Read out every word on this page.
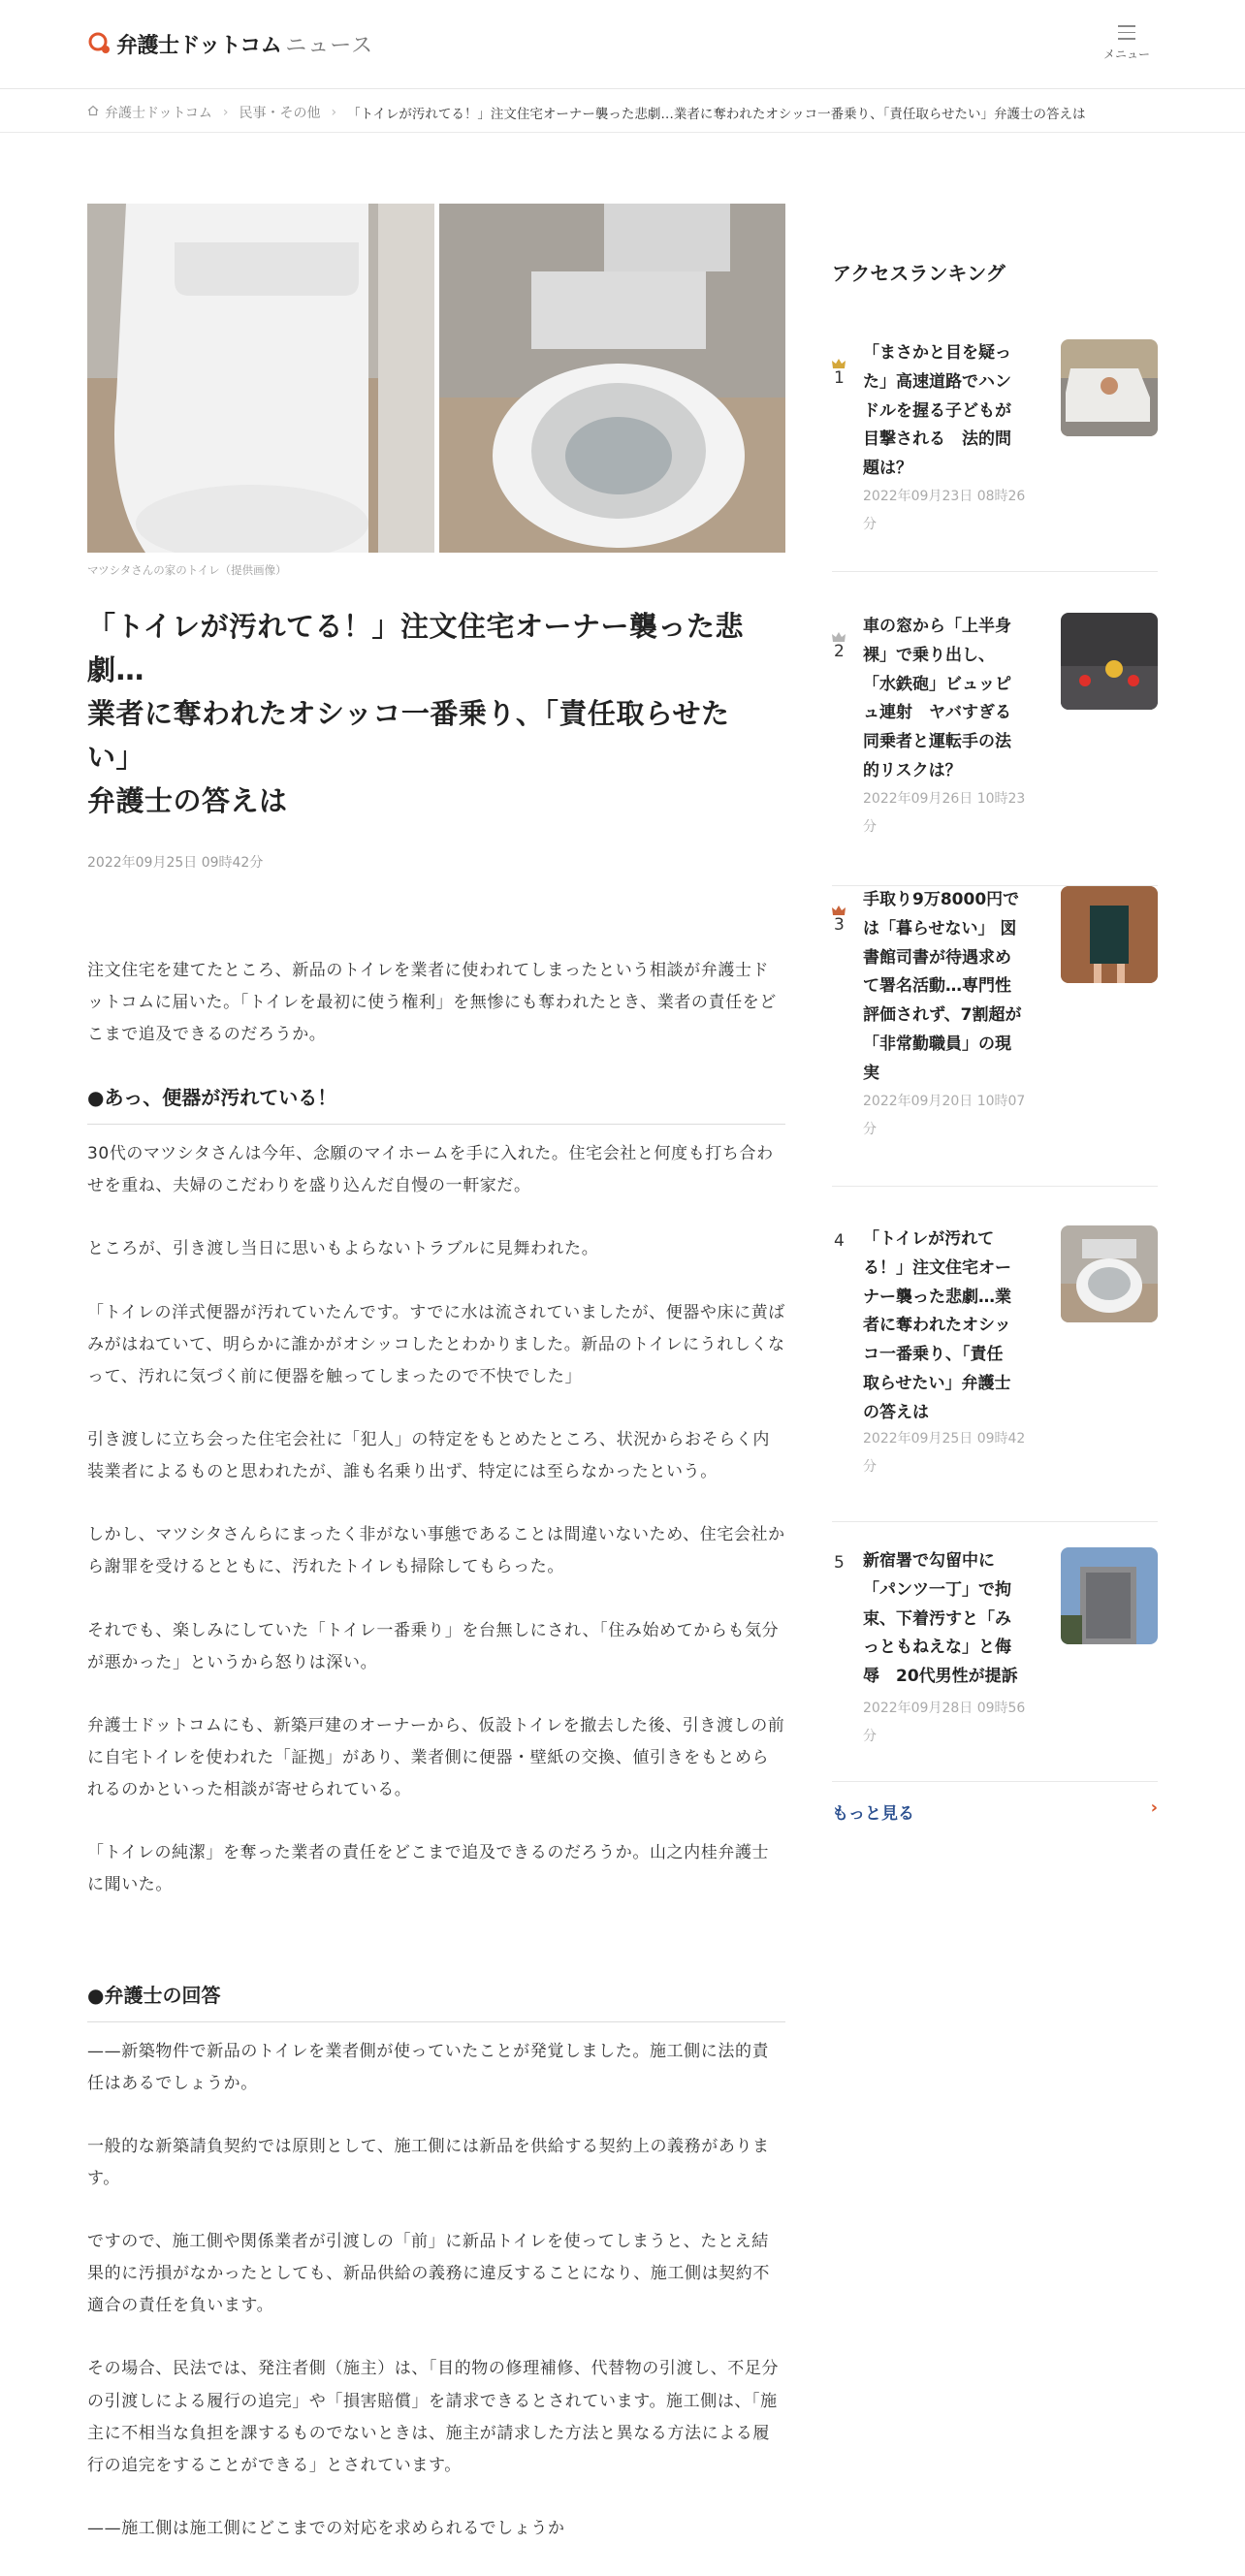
弁護士ドットコム ニュース	メニュー
弁護士ドットコム › 民事・その他 › 「トイレが汚れてる！」注文住宅オーナー襲った悲劇…業者に奪われたオシッコ一番乗り、「責任取らせたい」弁護士の答えは
マツシタさんの家のトイレ（提供画像）
「トイレが汚れてる！」注文住宅オーナー襲った悲劇…
業者に奪われたオシッコ一番乗り、「責任取らせたい」
弁護士の答えは
2022年09月25日 09時42分

注文住宅を建てたところ、新品のトイレを業者に使われてしまったという相談が弁護士ドットコムに届いた。「トイレを最初に使う権利」を無惨にも奪われたとき、業者の責任をどこまで追及できるのだろうか。

●あっ、便器が汚れている！

30代のマツシタさんは今年、念願のマイホームを手に入れた。住宅会社と何度も打ち合わせを重ね、夫婦のこだわりを盛り込んだ自慢の一軒家だ。

ところが、引き渡し当日に思いもよらないトラブルに見舞われた。

「トイレの洋式便器が汚れていたんです。すでに水は流されていましたが、便器や床に黄ばみがはねていて、明らかに誰かがオシッコしたとわかりました。新品のトイレにうれしくなって、汚れに気づく前に便器を触ってしまったので不快でした」

引き渡しに立ち会った住宅会社に「犯人」の特定をもとめたところ、状況からおそらく内装業者によるものと思われたが、誰も名乗り出ず、特定には至らなかったという。

しかし、マツシタさんらにまったく非がない事態であることは間違いないため、住宅会社から謝罪を受けるとともに、汚れたトイレも掃除してもらった。

それでも、楽しみにしていた「トイレ一番乗り」を台無しにされ、「住み始めてからも気分が悪かった」というから怒りは深い。

弁護士ドットコムにも、新築戸建のオーナーから、仮設トイレを撤去した後、引き渡しの前に自宅トイレを使われた「証拠」があり、業者側に便器・壁紙の交換、値引きをもとめられるのかといった相談が寄せられている。

「トイレの純潔」を奪った業者の責任をどこまで追及できるのだろうか。山之内桂弁護士に聞いた。

●弁護士の回答

——新築物件で新品のトイレを業者側が使っていたことが発覚しました。施工側に法的責任はあるでしょうか。

一般的な新築請負契約では原則として、施工側には新品を供給する契約上の義務があります。

ですので、施工側や関係業者が引渡しの「前」に新品トイレを使ってしまうと、たとえ結果的に汚損がなかったとしても、新品供給の義務に違反することになり、施工側は契約不適合の責任を負います。

その場合、民法では、発注者側（施主）は、「目的物の修理補修、代替物の引渡し、不足分の引渡しによる履行の追完」や「損害賠償」を請求できるとされています。施工側は、「施主に不相当な負担を課するものでないときは、施主が請求した方法と異なる方法による履行の追完をすることができる」とされています。

——施工側は施工側にどこまでの対応を求められるでしょうか

アクセスランキング
1
「まさかと目を疑っ
た」高速道路でハン
ドルを握る子どもが
目撃される　法的問
題は？
2022年09月23日 08時26
分
2
車の窓から「上半身
裸」で乗り出し、
「水鉄砲」ビュッピ
ュ連射　ヤバすぎる
同乗者と運転手の法
的リスクは？
2022年09月26日 10時23
分
3
手取り9万8000円で
は「暮らせない」 図
書館司書が待遇求め
て署名活動…専門性
評価されず、7割超が
「非常勤職員」の現
実
2022年09月20日 10時07
分
4 「トイレが汚れて
る！」注文住宅オー
ナー襲った悲劇…業
者に奪われたオシッ
コ一番乗り、「責任
取らせたい」弁護士
の答えは
2022年09月25日 09時42
分
5 新宿署で勾留中に
「パンツ一丁」で拘
束、下着汚すと「み
っともねえな」と侮
辱　20代男性が提訴
2022年09月28日 09時56
分
もっと見る	›
